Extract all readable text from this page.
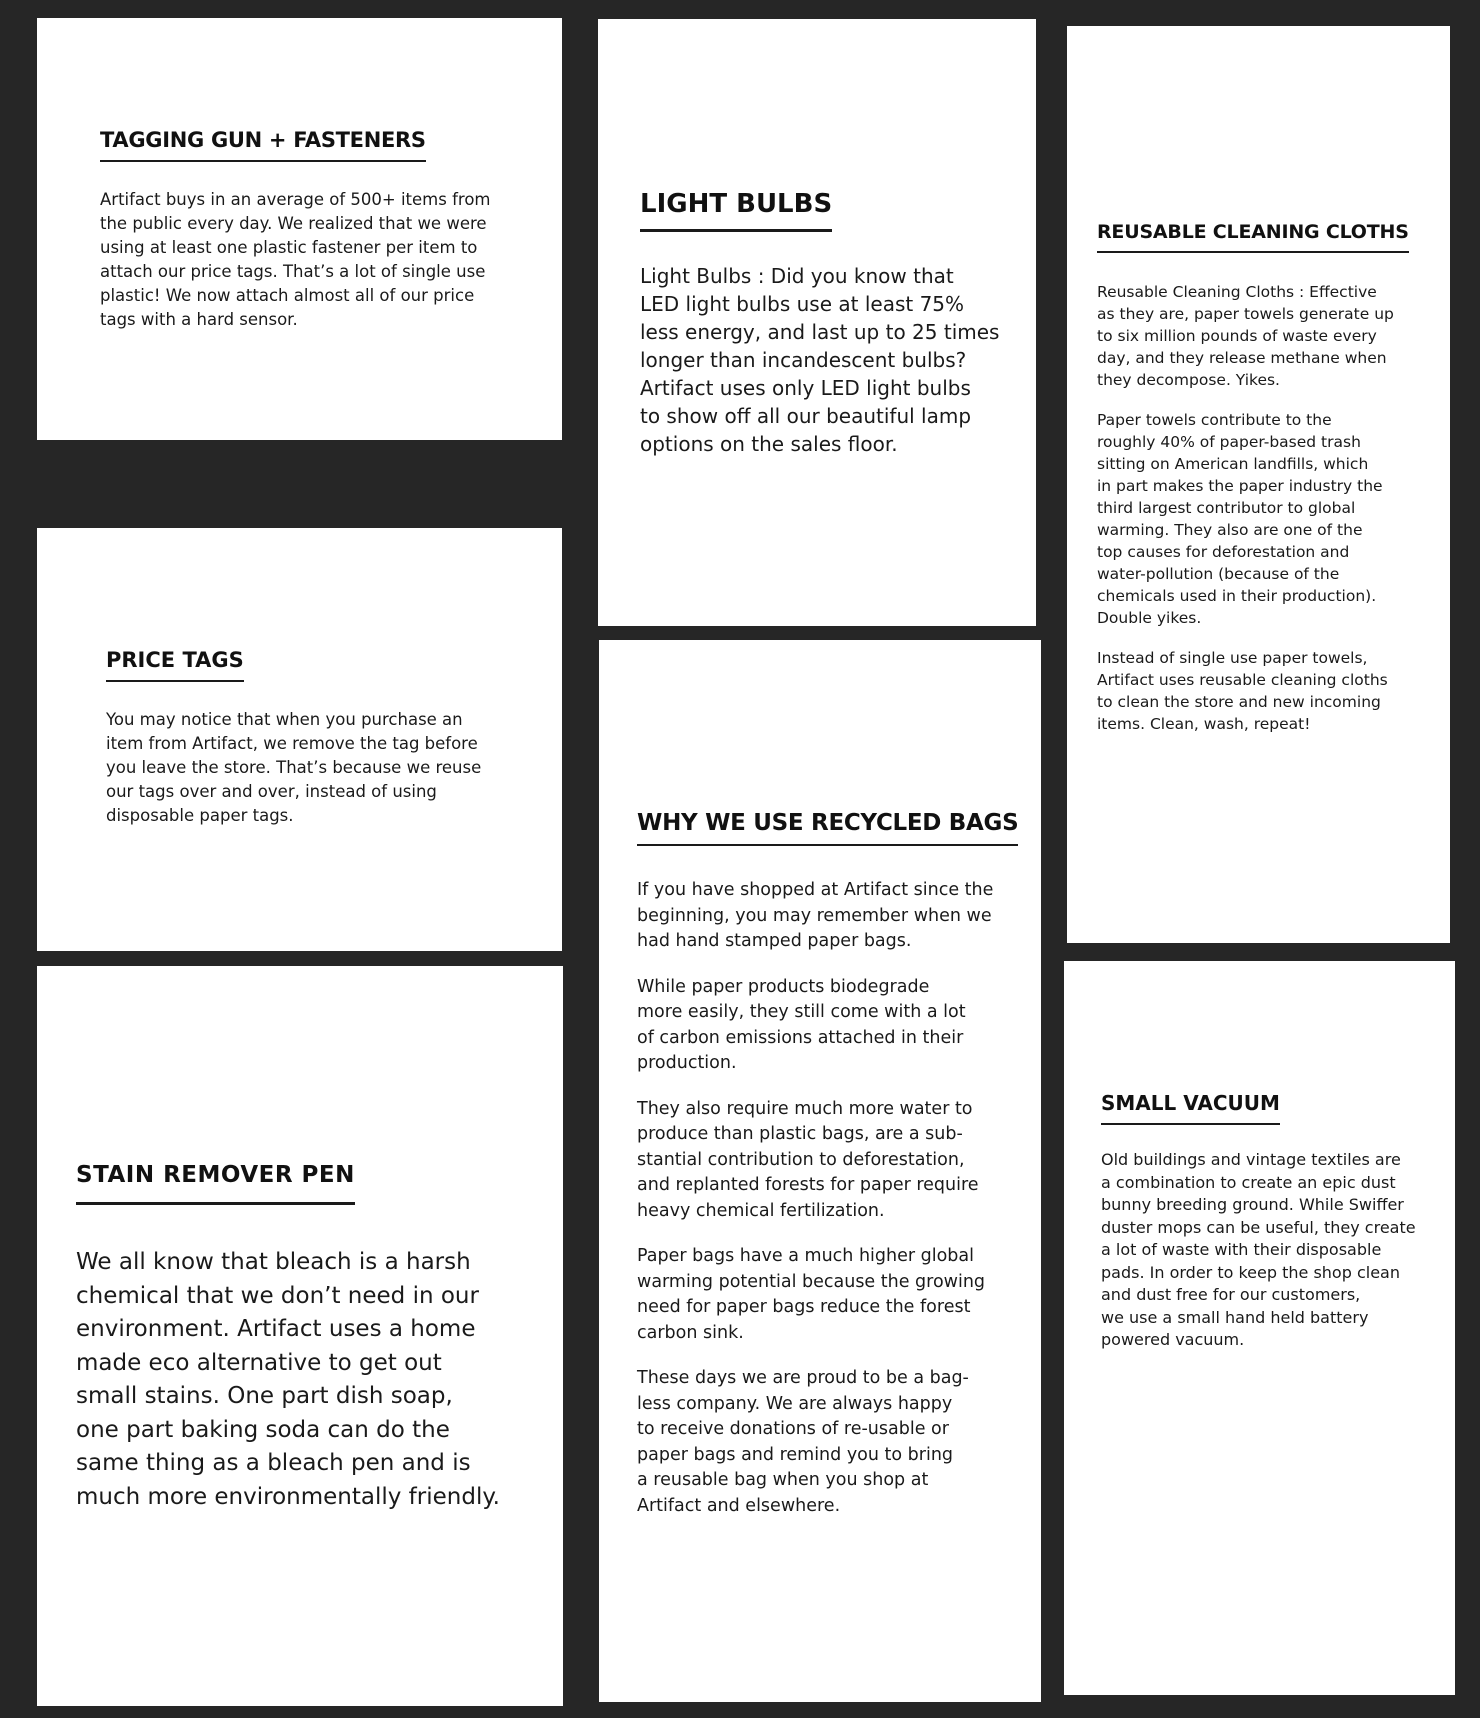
TAGGING GUN + FASTENERS

Artifact buys in an average of 500+ items from
the public every day. We realized that we were
using at least one plastic fastener per item to
attach our price tags. That’s a lot of single use
plastic! We now attach almost all of our price
tags with a hard sensor.

LIGHT BULBS

Light Bulbs : Did you know that
LED light bulbs use at least 75%
less energy, and last up to 25 times
longer than incandescent bulbs?
Artifact uses only LED light bulbs
to show off all our beautiful lamp
options on the sales floor.

REUSABLE CLEANING CLOTHS

Reusable Cleaning Cloths : Effective
as they are, paper towels generate up
to six million pounds of waste every
day, and they release methane when
they decompose. Yikes.

Paper towels contribute to the
roughly 40% of paper-based trash
sitting on American landfills, which
in part makes the paper industry the
third largest contributor to global
warming. They also are one of the
top causes for deforestation and
water-pollution (because of the
chemicals used in their production).
Double yikes.

Instead of single use paper towels,
Artifact uses reusable cleaning cloths
to clean the store and new incoming
items. Clean, wash, repeat!

PRICE TAGS

You may notice that when you purchase an
item from Artifact, we remove the tag before
you leave the store. That’s because we reuse
our tags over and over, instead of using
disposable paper tags.

STAIN REMOVER PEN

We all know that bleach is a harsh
chemical that we don’t need in our
environment. Artifact uses a home
made eco alternative to get out
small stains. One part dish soap,
one part baking soda can do the
same thing as a bleach pen and is
much more environmentally friendly.

WHY WE USE RECYCLED BAGS

If you have shopped at Artifact since the
beginning, you may remember when we
had hand stamped paper bags.

While paper products biodegrade
more easily, they still come with a lot
of carbon emissions attached in their
production.

They also require much more water to
produce than plastic bags, are a sub-
stantial contribution to deforestation,
and replanted forests for paper require
heavy chemical fertilization.

Paper bags have a much higher global
warming potential because the growing
need for paper bags reduce the forest
carbon sink.

These days we are proud to be a bag-
less company. We are always happy
to receive donations of re-usable or
paper bags and remind you to bring
a reusable bag when you shop at
Artifact and elsewhere.

SMALL VACUUM

Old buildings and vintage textiles are
a combination to create an epic dust
bunny breeding ground. While Swiffer
duster mops can be useful, they create
a lot of waste with their disposable
pads. In order to keep the shop clean
and dust free for our customers,
we use a small hand held battery
powered vacuum.
